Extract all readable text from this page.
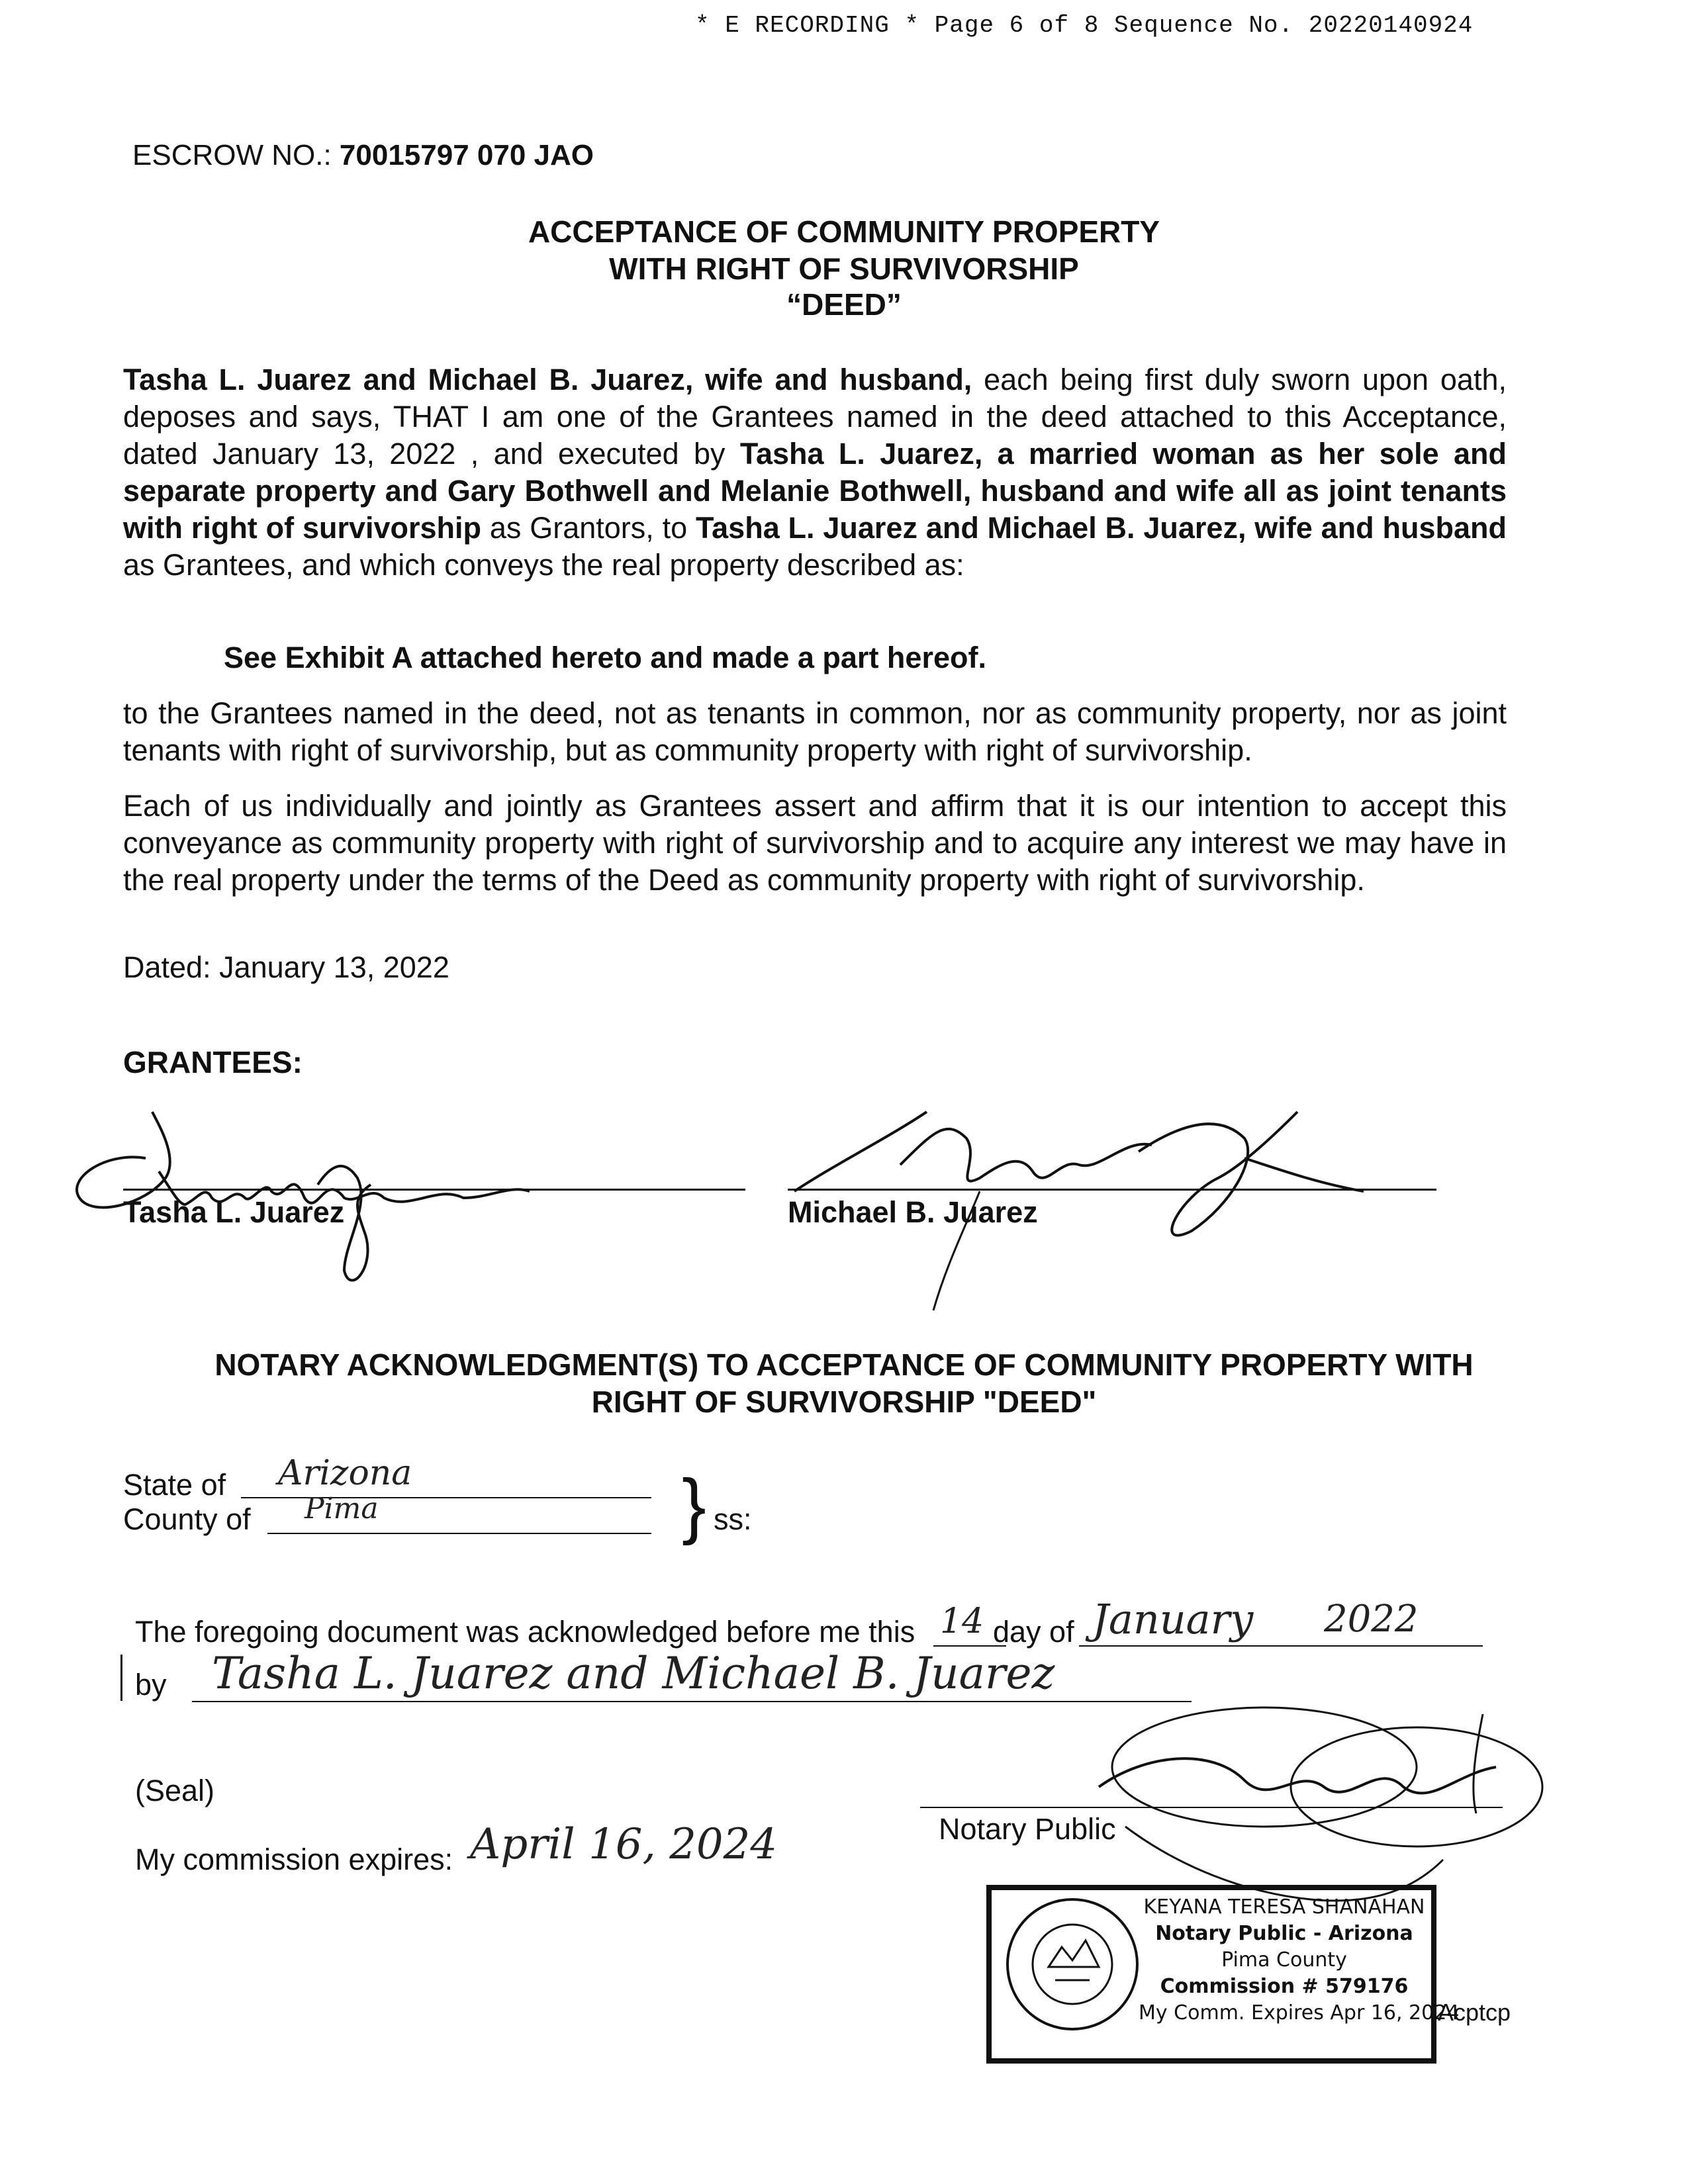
* E RECORDING * Page 6 of 8 Sequence No. 20220140924
ESCROW NO.: 70015797 070 JAO
ACCEPTANCE OF COMMUNITY PROPERTY
WITH RIGHT OF SURVIVORSHIP
“DEED”
Tasha L. Juarez and Michael B. Juarez, wife and husband, each being first duly sworn upon oath, deposes and says, THAT I am one of the Grantees named in the deed attached to this Acceptance, dated January 13, 2022 , and executed by Tasha L. Juarez, a married woman as her sole and separate property and Gary Bothwell and Melanie Bothwell, husband and wife all as joint tenants with right of survivorship as Grantors, to Tasha L. Juarez and Michael B. Juarez, wife and husband as Grantees, and which conveys the real property described as:
See Exhibit A attached hereto and made a part hereof.
to the Grantees named in the deed, not as tenants in common, nor as community property, nor as joint tenants with right of survivorship, but as community property with right of survivorship.
Each of us individually and jointly as Grantees assert and affirm that it is our intention to accept this conveyance as community property with right of survivorship and to acquire any interest we may have in the real property under the terms of the Deed as community property with right of survivorship.
Dated: January 13, 2022
GRANTEES:
Tasha L. Juarez	Michael B. Juarez
NOTARY ACKNOWLEDGMENT(S) TO ACCEPTANCE OF COMMUNITY PROPERTY WITH
RIGHT OF SURVIVORSHIP "DEED"
State of Arizona
County of Pima	} ss:
The foregoing document was acknowledged before me this 14 day of January 2022
by Tasha L. Juarez and Michael B. Juarez
(Seal)
My commission expires: April 16, 2024	Notary Public
KEYANA TERESA SHANAHAN
Notary Public - Arizona
Pima County
Commission # 579176
My Comm. Expires Apr 16, 2024
Acptcp
